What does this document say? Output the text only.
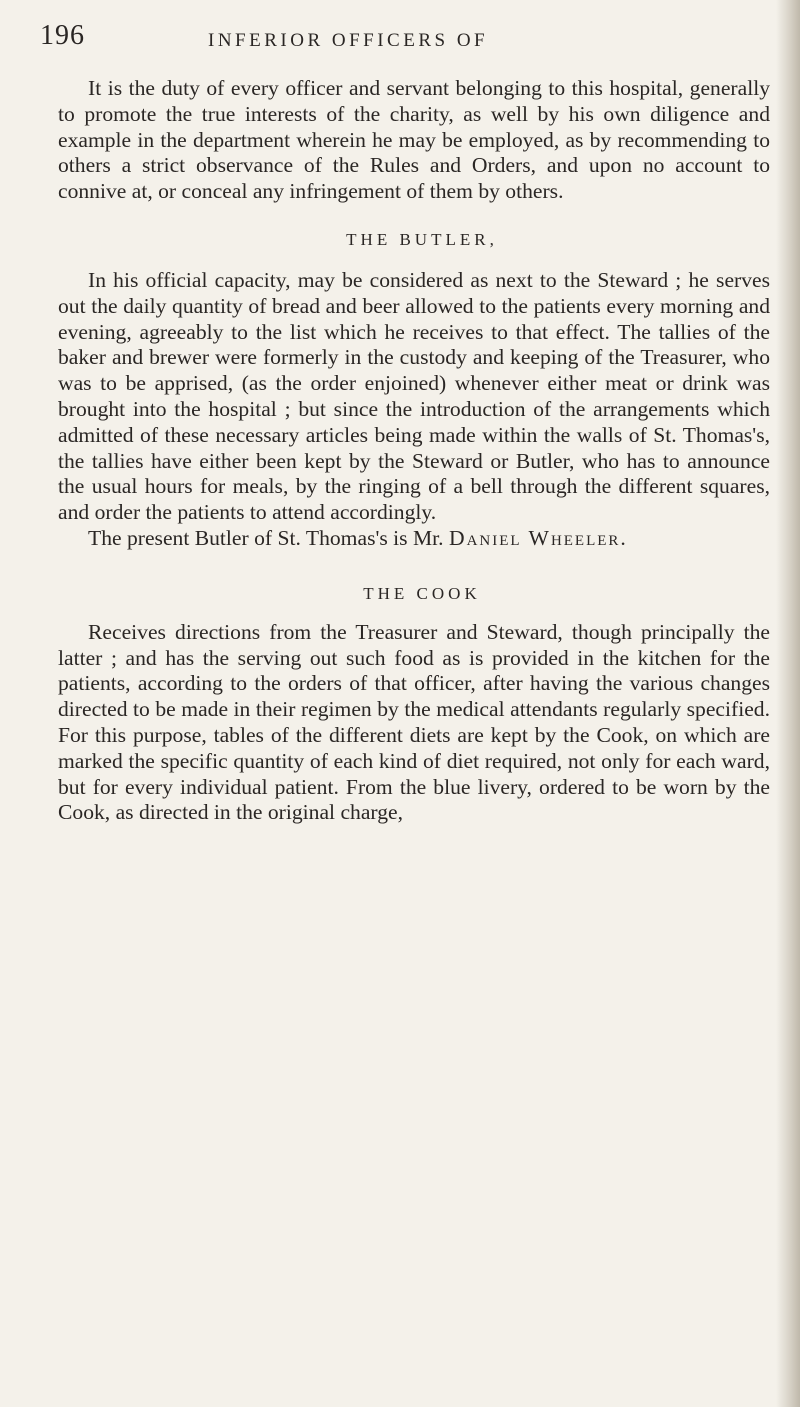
196	INFERIOR OFFICERS OF

It is the duty of every officer and servant belonging to this hospital, generally to promote the true interests of the charity, as well by his own diligence and example in the department wherein he may be employed, as by recommending to others a strict observance of the Rules and Orders, and upon no account to connive at, or conceal any infringement of them by others.

THE BUTLER,

In his official capacity, may be considered as next to the Steward ; he serves out the daily quantity of bread and beer allowed to the patients every morning and evening, agreeably to the list which he receives to that effect. The tallies of the baker and brewer were formerly in the custody and keeping of the Treasurer, who was to be apprised, (as the order enjoined) whenever either meat or drink was brought into the hospital ; but since the introduction of the arrangements which admitted of these necessary articles being made within the walls of St. Thomas's, the tallies have either been kept by the Steward or Butler, who has to announce the usual hours for meals, by the ringing of a bell through the different squares, and order the patients to attend accordingly.

The present Butler of St. Thomas's is Mr. Daniel Wheeler.

THE COOK

Receives directions from the Treasurer and Steward, though principally the latter ; and has the serving out such food as is provided in the kitchen for the patients, according to the orders of that officer, after having the various changes directed to be made in their regimen by the medical attendants regularly specified. For this purpose, tables of the different diets are kept by the Cook, on which are marked the specific quantity of each kind of diet required, not only for each ward, but for every individual patient. From the blue livery, ordered to be worn by the Cook, as directed in the original charge,
